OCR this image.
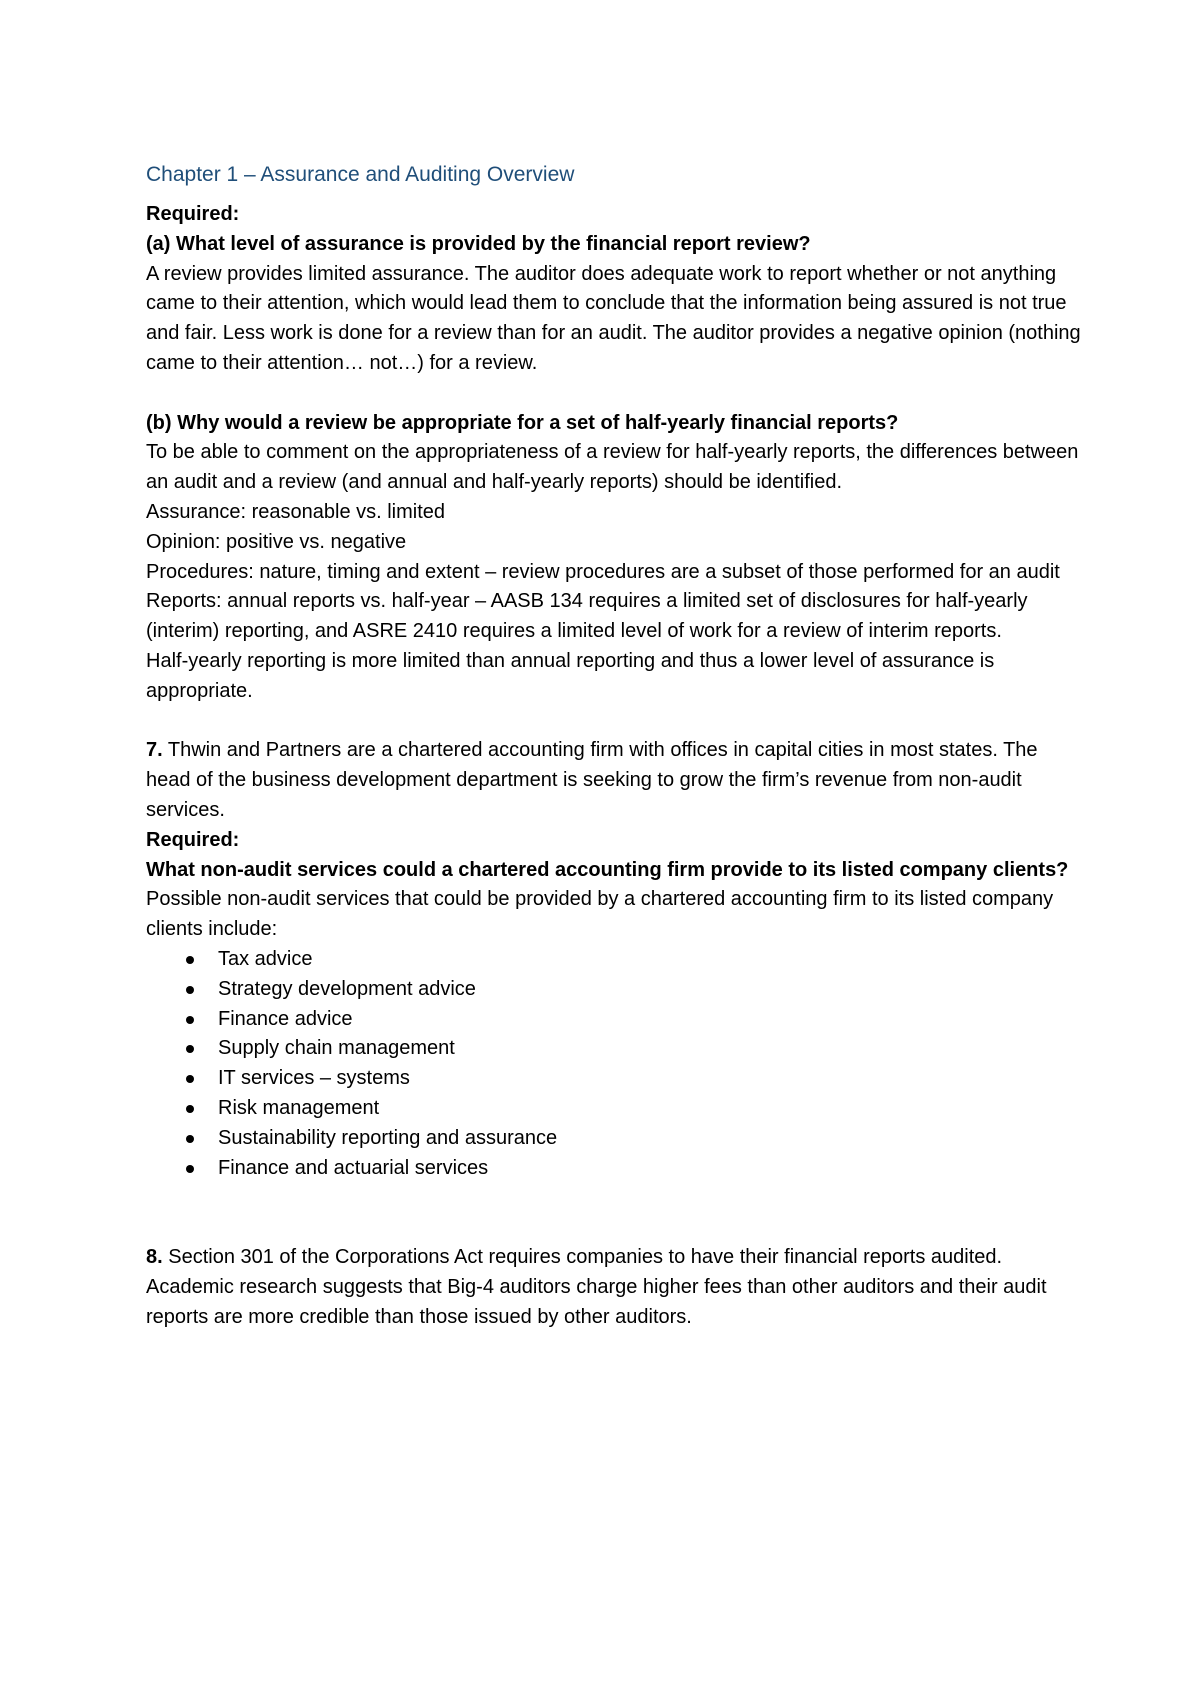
Chapter 1 – Assurance and Auditing Overview

Required:

(a) What level of assurance is provided by the financial report review?

A review provides limited assurance. The auditor does adequate work to report whether or not anything came to their attention, which would lead them to conclude that the information being assured is not true and fair. Less work is done for a review than for an audit. The auditor provides a negative opinion (nothing came to their attention… not…) for a review.

(b) Why would a review be appropriate for a set of half-yearly financial reports?

To be able to comment on the appropriateness of a review for half-yearly reports, the differences between an audit and a review (and annual and half-yearly reports) should be identified.

Assurance: reasonable vs. limited

Opinion: positive vs. negative

Procedures: nature, timing and extent – review procedures are a subset of those performed for an audit

Reports: annual reports vs. half-year – AASB 134 requires a limited set of disclosures for half-yearly (interim) reporting, and ASRE 2410 requires a limited level of work for a review of interim reports.

Half-yearly reporting is more limited than annual reporting and thus a lower level of assurance is appropriate.

7. Thwin and Partners are a chartered accounting firm with offices in capital cities in most states. The head of the business development department is seeking to grow the firm’s revenue from non-audit services.

Required:

What non-audit services could a chartered accounting firm provide to its listed company clients?

Possible non-audit services that could be provided by a chartered accounting firm to its listed company clients include:

Tax advice
Strategy development advice
Finance advice
Supply chain management
IT services – systems
Risk management
Sustainability reporting and assurance
Finance and actuarial services

8. Section 301 of the Corporations Act requires companies to have their financial reports audited. Academic research suggests that Big-4 auditors charge higher fees than other auditors and their audit reports are more credible than those issued by other auditors.
